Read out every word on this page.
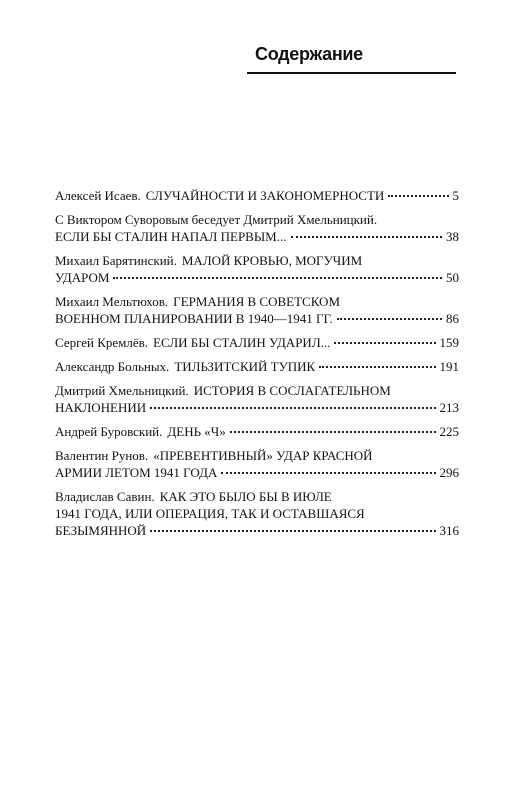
Содержание
Алексей Исаев. СЛУЧАЙНОСТИ И ЗАКОНОМЕРНОСТИ	5
С Виктором Суворовым беседует Дмитрий Хмельницкий.
ЕСЛИ БЫ СТАЛИН НАПАЛ ПЕРВЫМ...	38
Михаил Барятинский. МАЛОЙ КРОВЬЮ, МОГУЧИМ
УДАРОМ	50
Михаил Мельтюхов. ГЕРМАНИЯ В СОВЕТСКОМ
ВОЕННОМ ПЛАНИРОВАНИИ В 1940—1941 ГГ.	86
Сергей Кремлёв. ЕСЛИ БЫ СТАЛИН УДАРИЛ...	159
Александр Больных. ТИЛЬЗИТСКИЙ ТУПИК	191
Дмитрий Хмельницкий. ИСТОРИЯ В СОСЛАГАТЕЛЬНОМ
НАКЛОНЕНИИ	213
Андрей Буровский. ДЕНЬ «Ч»	225
Валентин Рунов. «ПРЕВЕНТИВНЫЙ» УДАР КРАСНОЙ
АРМИИ ЛЕТОМ 1941 ГОДА	296
Владислав Савин. КАК ЭТО БЫЛО БЫ В ИЮЛЕ
1941 ГОДА, ИЛИ ОПЕРАЦИЯ, ТАК И ОСТАВШАЯСЯ
БЕЗЫМЯННОЙ	316
